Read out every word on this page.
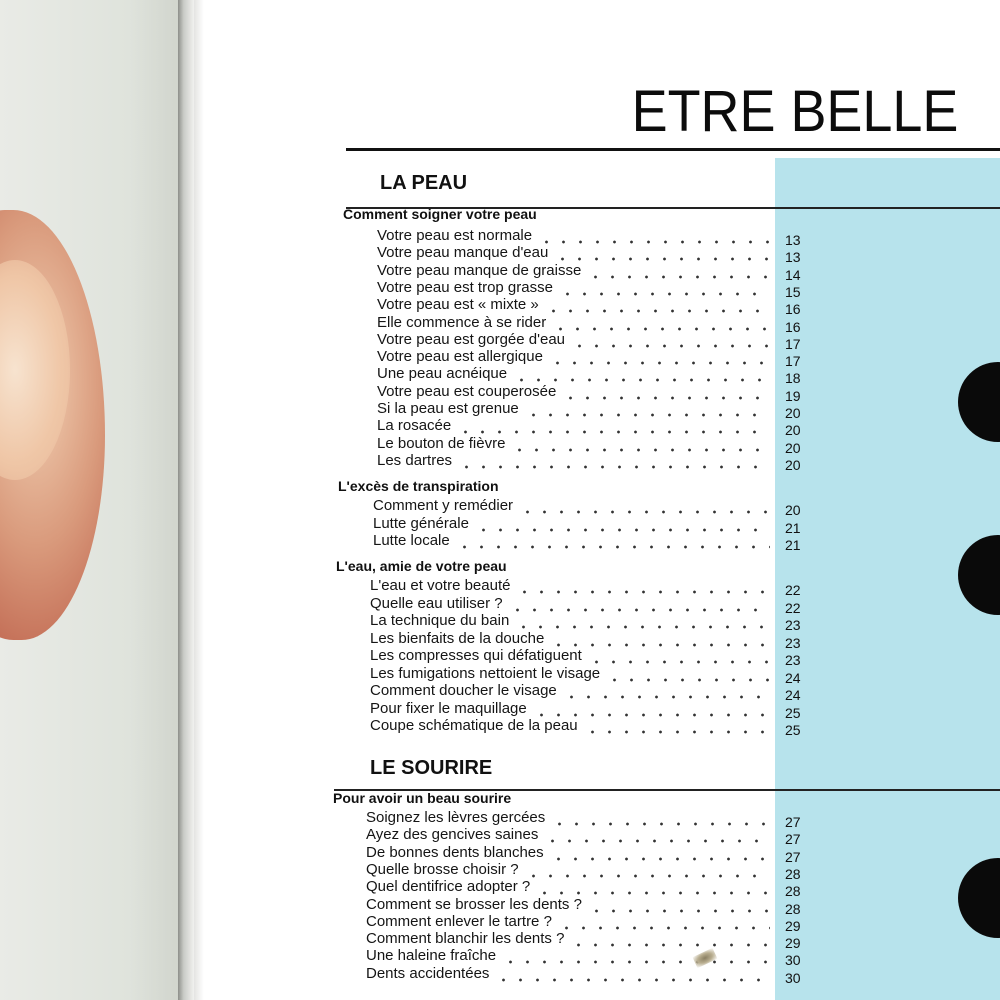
ETRE BELLE
LA PEAU
Comment soigner votre peau
Votre peau est normale	13
Votre peau manque d'eau	13
Votre peau manque de graisse	14
Votre peau est trop grasse	15
Votre peau est « mixte »	16
Elle commence à se rider	16
Votre peau est gorgée d'eau	17
Votre peau est allergique	17
Une peau acnéique	18
Votre peau est couperosée	19
Si la peau est grenue	20
La rosacée	20
Le bouton de fièvre	20
Les dartres	20
L'excès de transpiration
Comment y remédier	20
Lutte générale	21
Lutte locale	21
L'eau, amie de votre peau
L'eau et votre beauté	22
Quelle eau utiliser ?	22
La technique du bain	23
Les bienfaits de la douche	23
Les compresses qui défatiguent	23
Les fumigations nettoient le visage	24
Comment doucher le visage	24
Pour fixer le maquillage	25
Coupe schématique de la peau	25
LE SOURIRE
Pour avoir un beau sourire
Soignez les lèvres gercées	27
Ayez des gencives saines	27
De bonnes dents blanches	27
Quelle brosse choisir ?	28
Quel dentifrice adopter ?	28
Comment se brosser les dents ?	28
Comment enlever le tartre ?	29
Comment blanchir les dents ?	29
Une haleine fraîche	30
Dents accidentées	30
